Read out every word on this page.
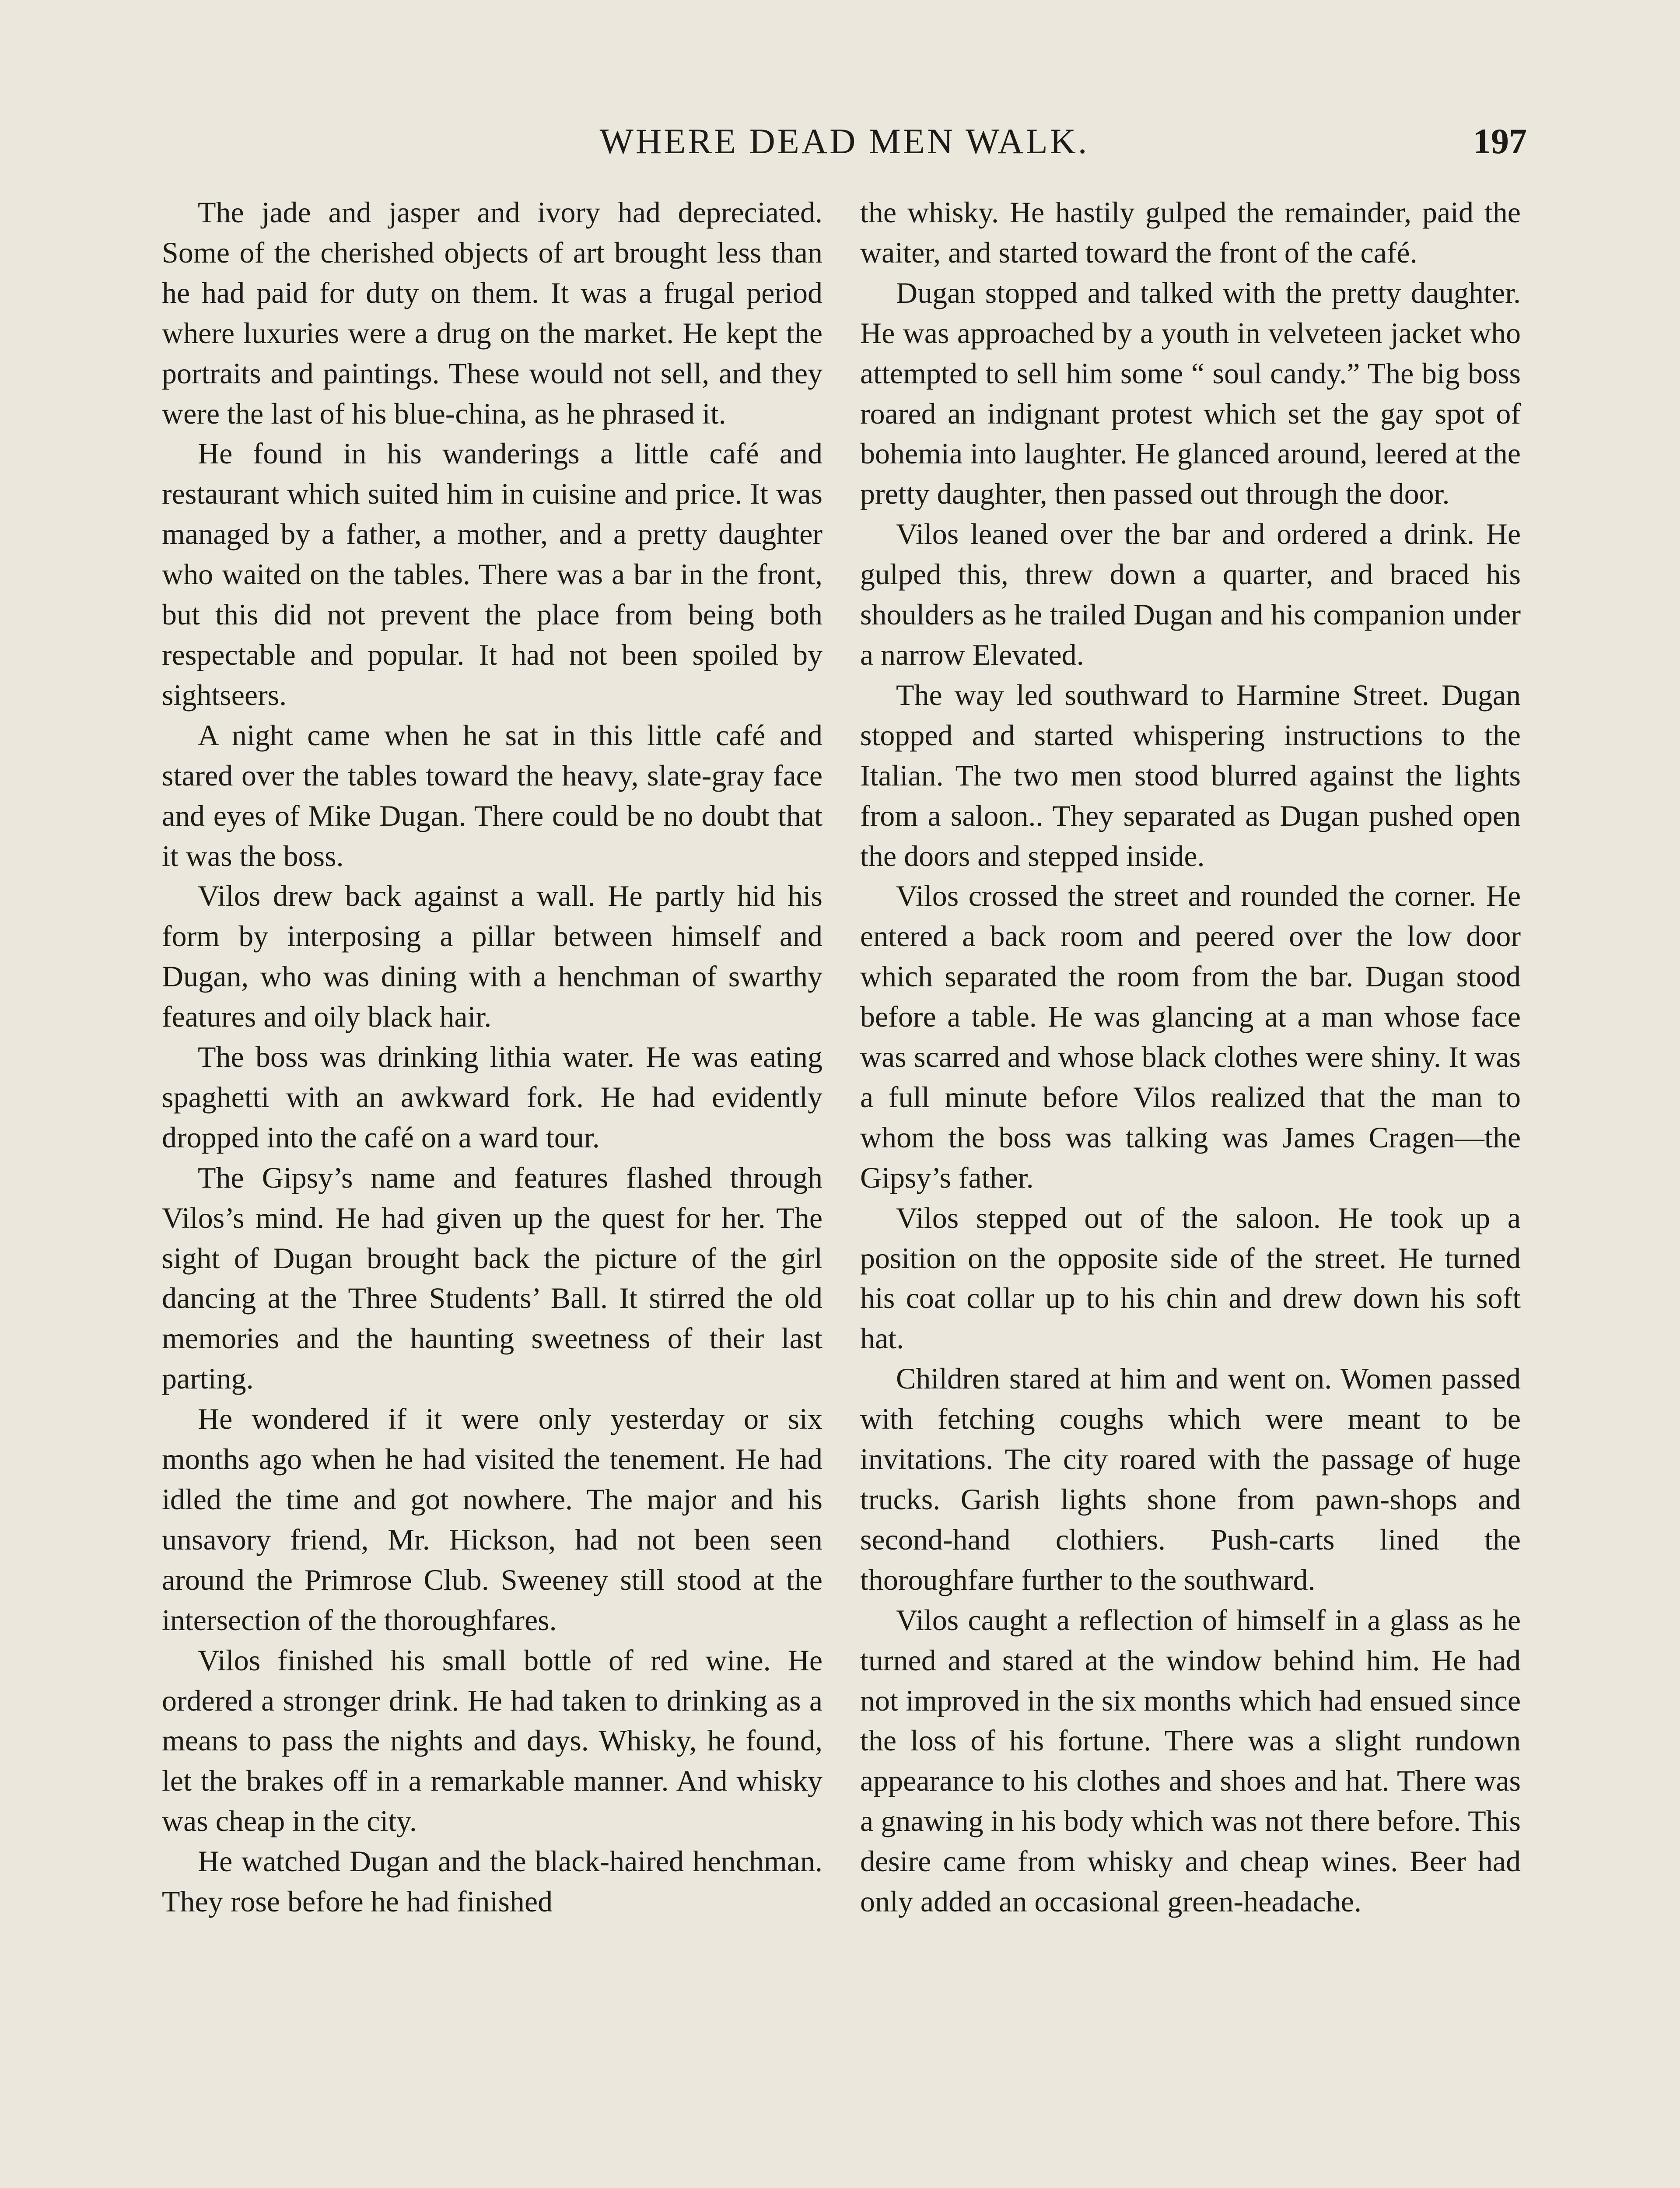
WHERE DEAD MEN WALK.	197

The jade and jasper and ivory had depreciated. Some of the cherished objects of art brought less than he had paid for duty on them. It was a frugal period where luxuries were a drug on the market. He kept the portraits and paintings. These would not sell, and they were the last of his blue-china, as he phrased it.

He found in his wanderings a little café and restaurant which suited him in cuisine and price. It was managed by a father, a mother, and a pretty daughter who waited on the tables. There was a bar in the front, but this did not prevent the place from being both respectable and popular. It had not been spoiled by sightseers.

A night came when he sat in this little café and stared over the tables toward the heavy, slate-gray face and eyes of Mike Dugan. There could be no doubt that it was the boss.

Vilos drew back against a wall. He partly hid his form by interposing a pillar between himself and Dugan, who was dining with a henchman of swarthy features and oily black hair.

The boss was drinking lithia water. He was eating spaghetti with an awkward fork. He had evidently dropped into the café on a ward tour.

The Gipsy’s name and features flashed through Vilos’s mind. He had given up the quest for her. The sight of Dugan brought back the picture of the girl dancing at the Three Students’ Ball. It stirred the old memories and the haunting sweetness of their last parting.

He wondered if it were only yesterday or six months ago when he had visited the tenement. He had idled the time and got nowhere. The major and his unsavory friend, Mr. Hickson, had not been seen around the Primrose Club. Sweeney still stood at the intersection of the thoroughfares.

Vilos finished his small bottle of red wine. He ordered a stronger drink. He had taken to drinking as a means to pass the nights and days. Whisky, he found, let the brakes off in a remarkable manner. And whisky was cheap in the city.

He watched Dugan and the black-haired henchman. They rose before he had finished

the whisky. He hastily gulped the remainder, paid the waiter, and started toward the front of the café.

Dugan stopped and talked with the pretty daughter. He was approached by a youth in velveteen jacket who attempted to sell him some “ soul candy.” The big boss roared an indignant protest which set the gay spot of bohemia into laughter. He glanced around, leered at the pretty daughter, then passed out through the door.

Vilos leaned over the bar and ordered a drink. He gulped this, threw down a quarter, and braced his shoulders as he trailed Dugan and his companion under a narrow Elevated.

The way led southward to Harmine Street. Dugan stopped and started whispering instructions to the Italian. The two men stood blurred against the lights from a saloon.. They separated as Dugan pushed open the doors and stepped inside.

Vilos crossed the street and rounded the corner. He entered a back room and peered over the low door which separated the room from the bar. Dugan stood before a table. He was glancing at a man whose face was scarred and whose black clothes were shiny. It was a full minute before Vilos realized that the man to whom the boss was talking was James Cragen—the Gipsy’s father.

Vilos stepped out of the saloon. He took up a position on the opposite side of the street. He turned his coat collar up to his chin and drew down his soft hat.

Children stared at him and went on. Women passed with fetching coughs which were meant to be invitations. The city roared with the passage of huge trucks. Garish lights shone from pawn-shops and second-hand clothiers. Push-carts lined the thoroughfare further to the southward.

Vilos caught a reflection of himself in a glass as he turned and stared at the window behind him. He had not improved in the six months which had ensued since the loss of his fortune. There was a slight rundown appearance to his clothes and shoes and hat. There was a gnawing in his body which was not there before. This desire came from whisky and cheap wines. Beer had only added an occasional green-headache.
